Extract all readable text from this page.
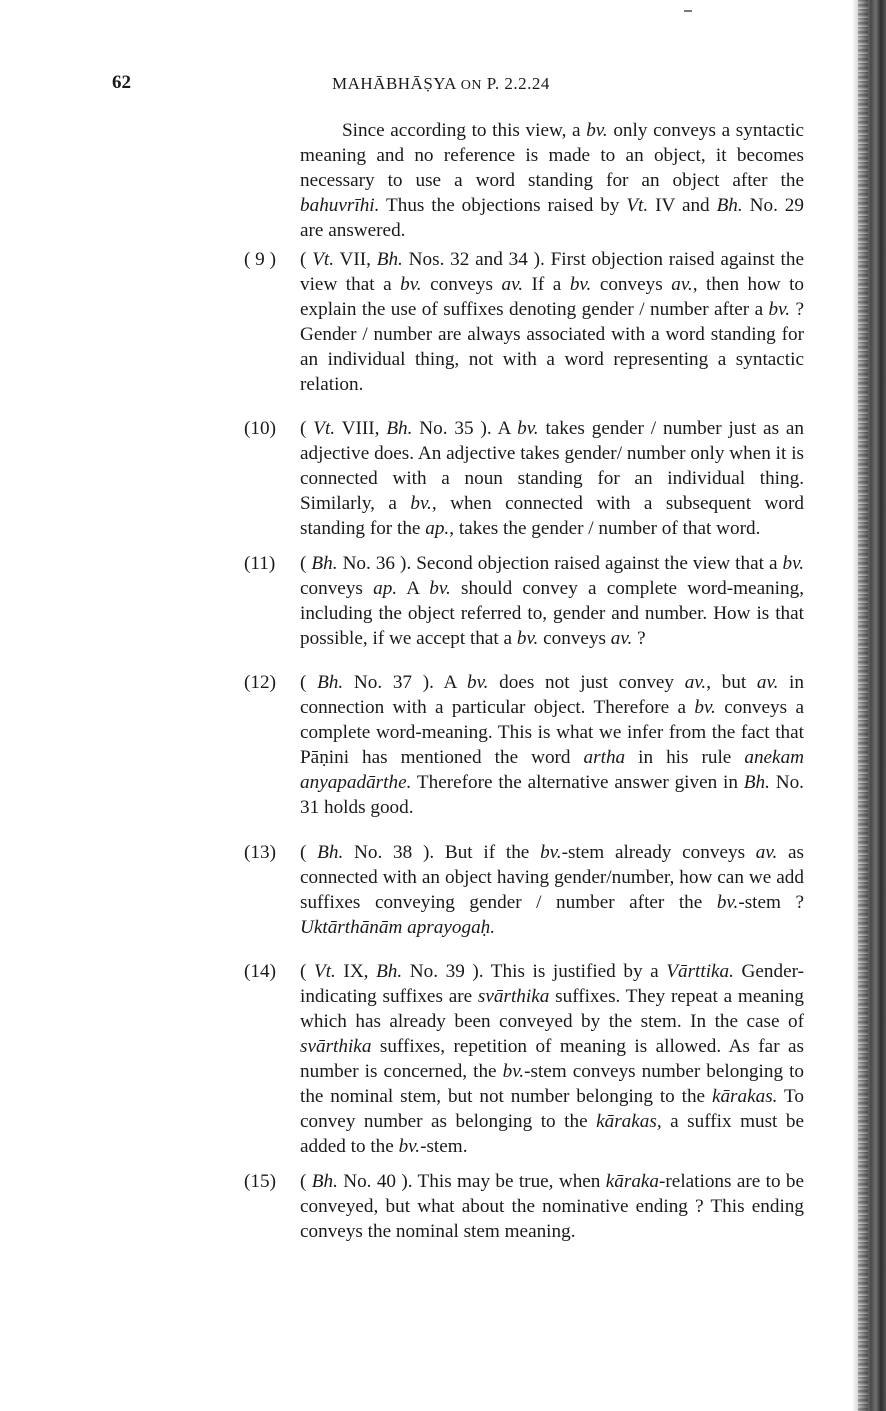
62	MAHĀBHĀṢYA ON P. 2.2.24

Since according to this view, a bv. only conveys a syntactic meaning and no reference is made to an object, it becomes necessary to use a word standing for an object after the bahuvrīhi. Thus the objections raised by Vt. IV and Bh. No. 29 are answered.

( 9 ) ( Vt. VII, Bh. Nos. 32 and 34 ). First objection raised against the view that a bv. conveys av. If a bv. conveys av., then how to explain the use of suffixes denoting gender / number after a bv. ? Gender / number are always associated with a word standing for an individual thing, not with a word representing a syntactic relation.

(10) ( Vt. VIII, Bh. No. 35 ). A bv. takes gender / number just as an adjective does. An adjective takes gender/ number only when it is connected with a noun standing for an individual thing. Similarly, a bv., when connected with a subsequent word standing for the ap., takes the gender / number of that word.

(11) ( Bh. No. 36 ). Second objection raised against the view that a bv. conveys ap. A bv. should convey a complete word-meaning, including the object referred to, gender and number. How is that possible, if we accept that a bv. conveys av. ?

(12) ( Bh. No. 37 ). A bv. does not just convey av., but av. in connection with a particular object. Therefore a bv. conveys a complete word-meaning. This is what we infer from the fact that Pāṇini has mentioned the word artha in his rule anekam anyapadārthe. Therefore the alternative answer given in Bh. No. 31 holds good.

(13) ( Bh. No. 38 ). But if the bv.-stem already conveys av. as connected with an object having gender/number, how can we add suffixes conveying gender / number after the bv.-stem ? Uktārthānām aprayogaḥ.

(14) ( Vt. IX, Bh. No. 39 ). This is justified by a Vārttika. Gender-indicating suffixes are svārthika suffixes. They repeat a meaning which has already been conveyed by the stem. In the case of svārthika suffixes, repetition of meaning is allowed. As far as number is concerned, the bv.-stem conveys number belonging to the nominal stem, but not number belonging to the kārakas. To convey number as belonging to the kārakas, a suffix must be added to the bv.-stem.

(15) ( Bh. No. 40 ). This may be true, when kāraka-relations are to be conveyed, but what about the nominative ending ? This ending conveys the nominal stem meaning.
